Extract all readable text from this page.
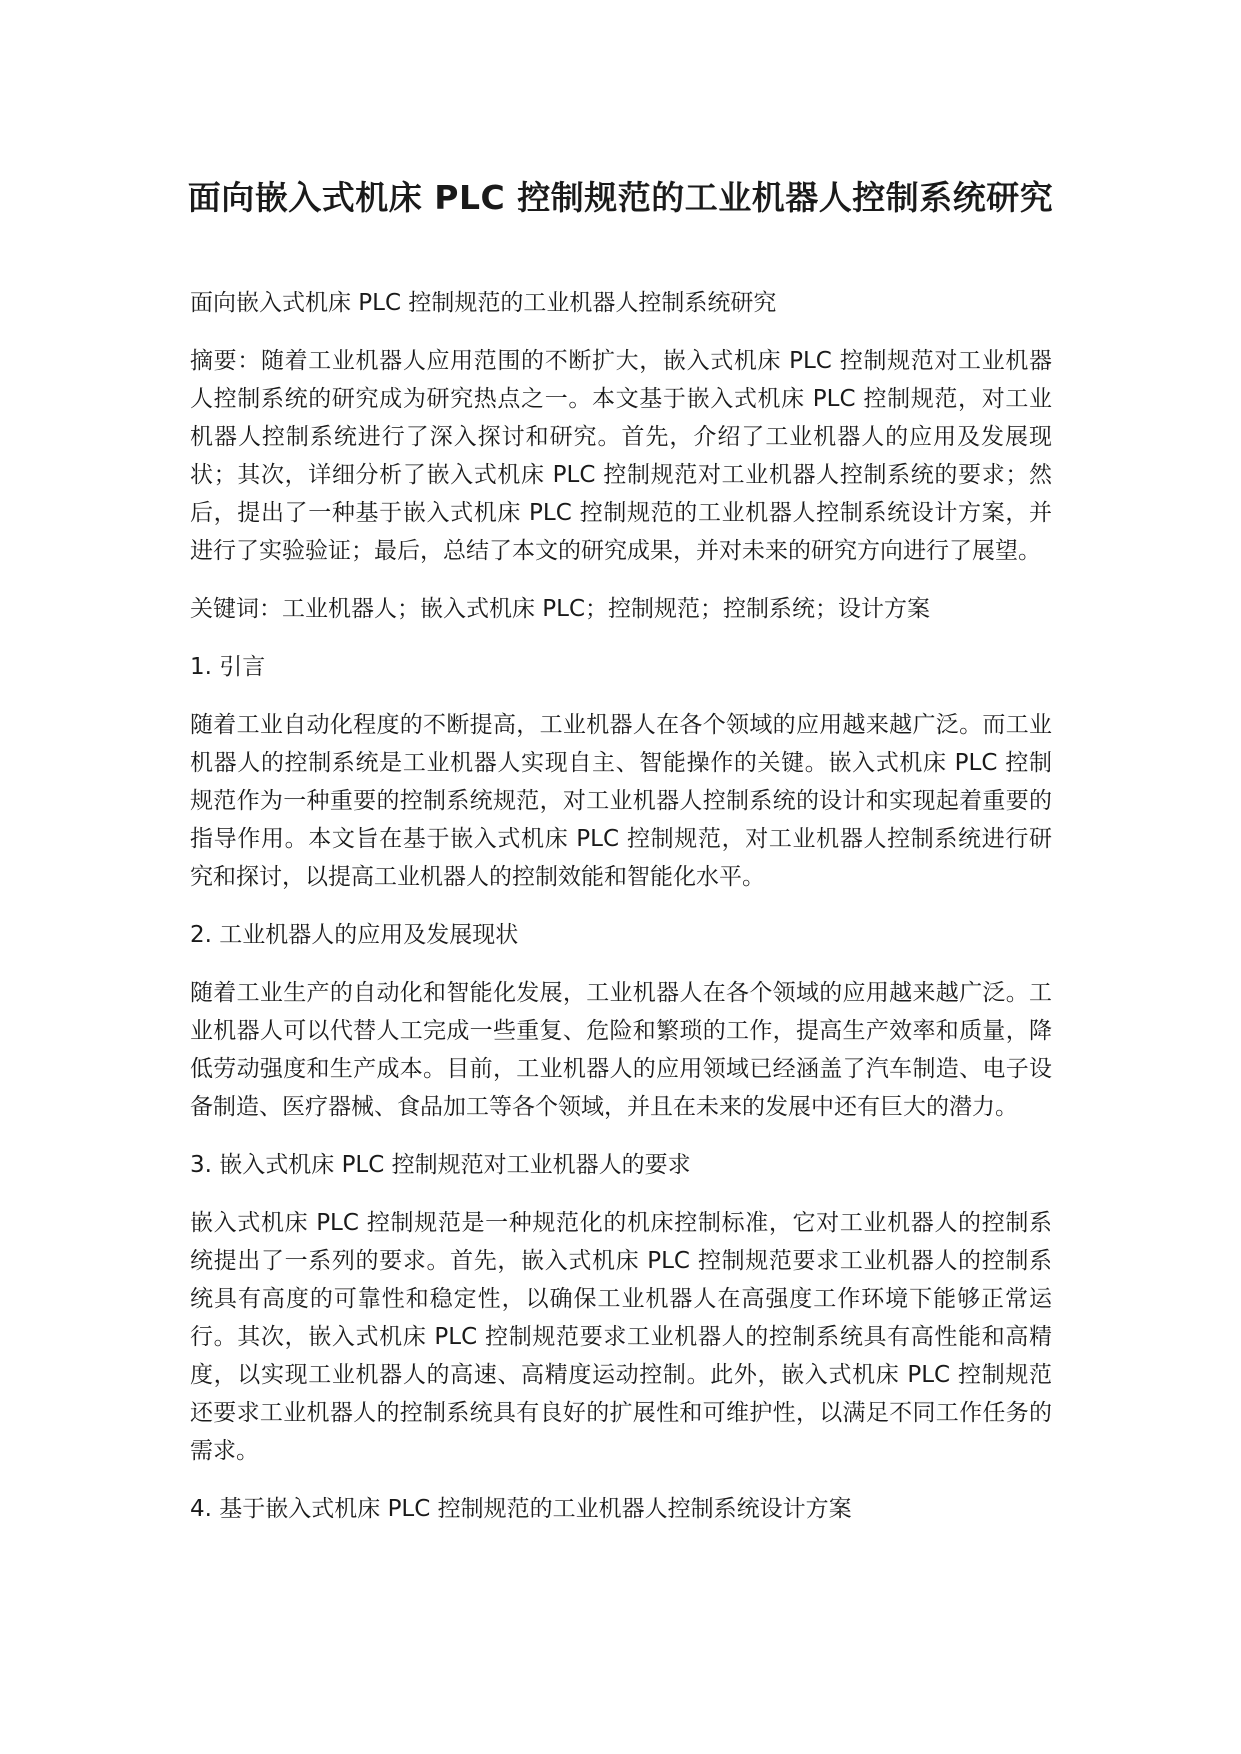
面向嵌入式机床 PLC 控制规范的工业机器人控制系统研究

面向嵌入式机床 PLC 控制规范的工业机器人控制系统研究

摘要：随着工业机器人应用范围的不断扩大，嵌入式机床 PLC 控制规范对工业机器人控制系统的研究成为研究热点之一。本文基于嵌入式机床 PLC 控制规范，对工业机器人控制系统进行了深入探讨和研究。首先，介绍了工业机器人的应用及发展现状；其次，详细分析了嵌入式机床 PLC 控制规范对工业机器人控制系统的要求；然后，提出了一种基于嵌入式机床 PLC 控制规范的工业机器人控制系统设计方案，并进行了实验验证；最后，总结了本文的研究成果，并对未来的研究方向进行了展望。

关键词：工业机器人；嵌入式机床 PLC；控制规范；控制系统；设计方案

1. 引言

随着工业自动化程度的不断提高，工业机器人在各个领域的应用越来越广泛。而工业机器人的控制系统是工业机器人实现自主、智能操作的关键。嵌入式机床 PLC 控制规范作为一种重要的控制系统规范，对工业机器人控制系统的设计和实现起着重要的指导作用。本文旨在基于嵌入式机床 PLC 控制规范，对工业机器人控制系统进行研究和探讨，以提高工业机器人的控制效能和智能化水平。

2. 工业机器人的应用及发展现状

随着工业生产的自动化和智能化发展，工业机器人在各个领域的应用越来越广泛。工业机器人可以代替人工完成一些重复、危险和繁琐的工作，提高生产效率和质量，降低劳动强度和生产成本。目前，工业机器人的应用领域已经涵盖了汽车制造、电子设备制造、医疗器械、食品加工等各个领域，并且在未来的发展中还有巨大的潜力。

3. 嵌入式机床 PLC 控制规范对工业机器人的要求

嵌入式机床 PLC 控制规范是一种规范化的机床控制标准，它对工业机器人的控制系统提出了一系列的要求。首先，嵌入式机床 PLC 控制规范要求工业机器人的控制系统具有高度的可靠性和稳定性，以确保工业机器人在高强度工作环境下能够正常运行。其次，嵌入式机床 PLC 控制规范要求工业机器人的控制系统具有高性能和高精度，以实现工业机器人的高速、高精度运动控制。此外，嵌入式机床 PLC 控制规范还要求工业机器人的控制系统具有良好的扩展性和可维护性，以满足不同工作任务的需求。

4. 基于嵌入式机床 PLC 控制规范的工业机器人控制系统设计方案
